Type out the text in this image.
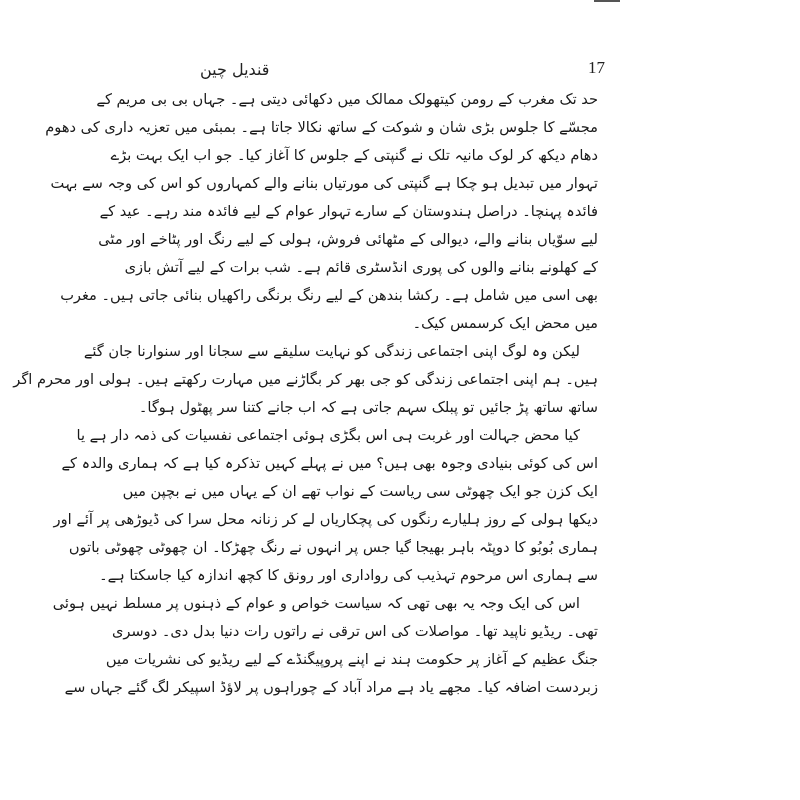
17
قندیل چین
حد تک مغرب کے رومن کیتھولک ممالک میں دکھائی دیتی ہے۔ جہاں بی بی مریم کے
مجسّے کا جلوس بڑی شان و شوکت کے ساتھ نکالا جاتا ہے۔ بمبئی میں تعزیہ داری کی دھوم
دھام دیکھ کر لوک مانیہ تلک نے گنپتی کے جلوس کا آغاز کیا۔ جو اب ایک بہت بڑے
تہوار میں تبدیل ہو چکا ہے گنپتی کی مورتیاں بنانے والے کمہاروں کو اس کی وجہ سے بہت
فائدہ پہنچا۔ دراصل ہندوستان کے سارے تہوار عوام کے لیے فائدہ مند رہے۔ عید کے
لیے سوّیاں بنانے والے، دیوالی کے مٹھائی فروش، ہولی کے لیے رنگ اور پٹاخے اور مٹی
کے کھلونے بنانے والوں کی پوری انڈسٹری قائم ہے۔ شب برات کے لیے آتش بازی
بھی اسی میں شامل ہے۔ رکشا بندھن کے لیے رنگ برنگی راکھیاں بنائی جاتی ہیں۔ مغرب
میں محض ایک کرسمس کیک۔
لیکن وہ لوگ اپنی اجتماعی زندگی کو نہایت سلیقے سے سجانا اور سنوارنا جان گئے
ہیں۔ ہم اپنی اجتماعی زندگی کو جی بھر کر بگاڑنے میں مہارت رکھتے ہیں۔ ہولی اور محرم اگر
ساتھ ساتھ پڑ جائیں تو پبلک سہم جاتی ہے کہ اب جانے کتنا سر پھٹول ہوگا۔
کیا محض جہالت اور غربت ہی اس بگڑی ہوئی اجتماعی نفسیات کی ذمہ دار ہے یا
اس کی کوئی بنیادی وجوہ بھی ہیں؟ میں نے پہلے کہیں تذکرہ کیا ہے کہ ہماری والدہ کے
ایک کزن جو ایک چھوٹی سی ریاست کے نواب تھے ان کے یہاں میں نے بچپن میں
دیکھا ہولی کے روز ہلیارے رنگوں کی پچکاریاں لے کر زنانہ محل سرا کی ڈیوڑھی پر آئے اور
ہماری بُوبُو کا دوپٹہ باہر بھیجا گیا جس پر انہوں نے رنگ چھڑکا۔ ان چھوٹی چھوٹی باتوں
سے ہماری اس مرحوم تہذیب کی رواداری اور رونق کا کچھ اندازہ کیا جاسکتا ہے۔
اس کی ایک وجہ یہ بھی تھی کہ سیاست خواص و عوام کے ذہنوں پر مسلط نہیں ہوئی
تھی۔ ریڈیو ناپید تھا۔ مواصلات کی اس ترقی نے راتوں رات دنیا بدل دی۔ دوسری
جنگ عظیم کے آغاز پر حکومت ہند نے اپنے پروپیگنڈے کے لیے ریڈیو کی نشریات میں
زبردست اضافہ کیا۔ مجھے یاد ہے مراد آباد کے چوراہوں پر لاؤڈ اسپیکر لگ گئے جہاں سے
